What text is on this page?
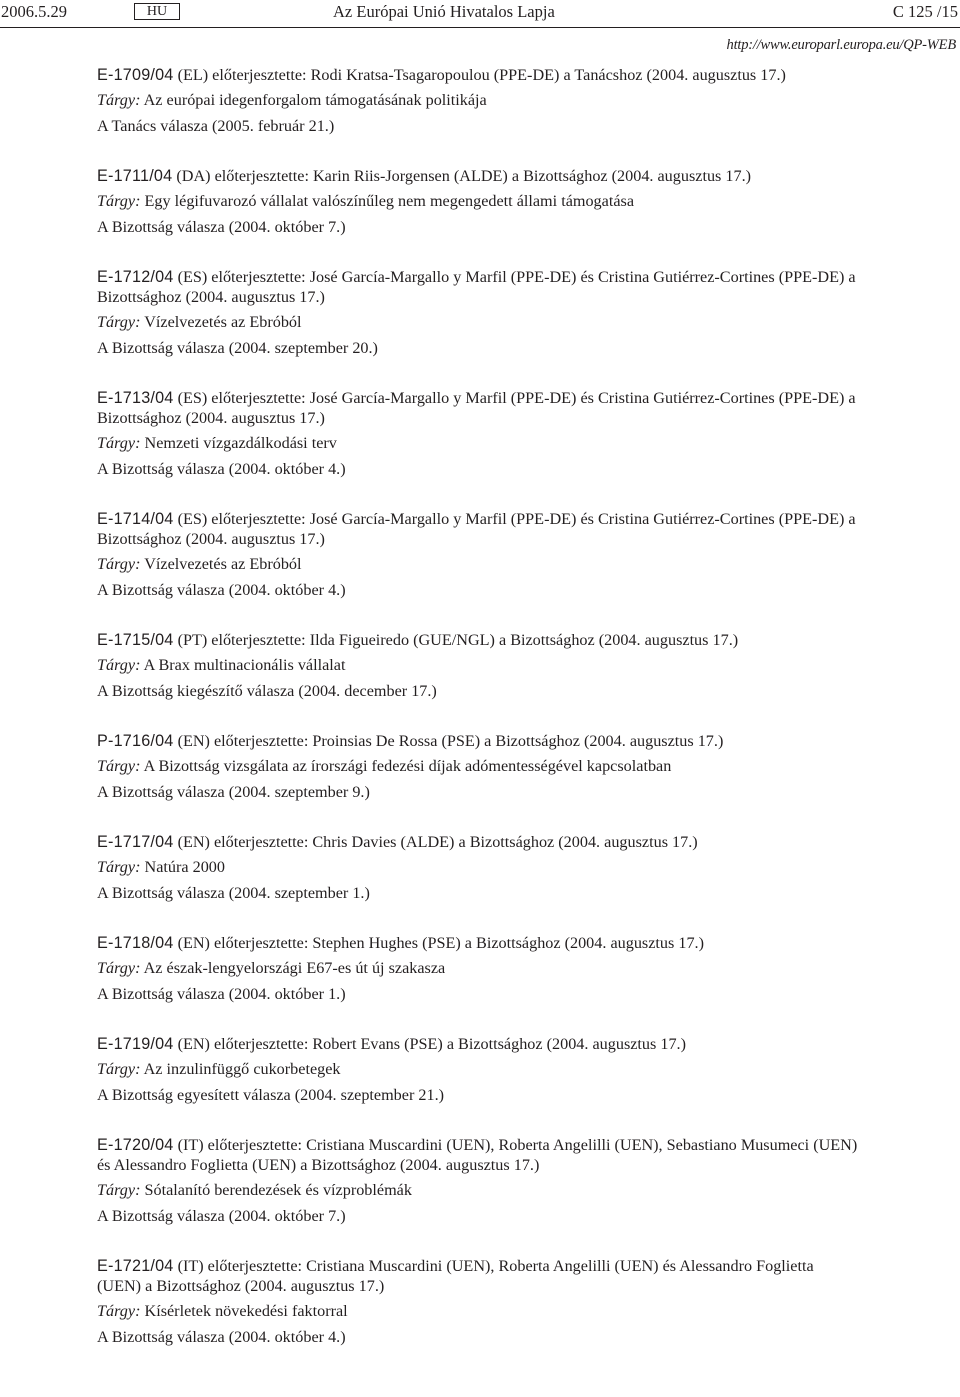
2006.5.29	HU	Az Európai Unió Hivatalos Lapja	C 125 /15
http://www.europarl.europa.eu/QP-WEB

E-1709/04 (EL) előterjesztette: Rodi Kratsa-Tsagaropoulou (PPE-DE) a Tanácshoz (2004. augusztus 17.)

Tárgy: Az európai idegenforgalom támogatásának politikája

A Tanács válasza (2005. február 21.)

E-1711/04 (DA) előterjesztette: Karin Riis-Jorgensen (ALDE) a Bizottsághoz (2004. augusztus 17.)

Tárgy: Egy légifuvarozó vállalat valószínűleg nem megengedett állami támogatása

A Bizottság válasza (2004. október 7.)

E-1712/04 (ES) előterjesztette: José García-Margallo y Marfil (PPE-DE) és Cristina Gutiérrez-Cortines (PPE-DE) a Bizottsághoz (2004. augusztus 17.)

Tárgy: Vízelvezetés az Ebróból

A Bizottság válasza (2004. szeptember 20.)

E-1713/04 (ES) előterjesztette: José García-Margallo y Marfil (PPE-DE) és Cristina Gutiérrez-Cortines (PPE-DE) a Bizottsághoz (2004. augusztus 17.)

Tárgy: Nemzeti vízgazdálkodási terv

A Bizottság válasza (2004. október 4.)

E-1714/04 (ES) előterjesztette: José García-Margallo y Marfil (PPE-DE) és Cristina Gutiérrez-Cortines (PPE-DE) a Bizottsághoz (2004. augusztus 17.)

Tárgy: Vízelvezetés az Ebróból

A Bizottság válasza (2004. október 4.)

E-1715/04 (PT) előterjesztette: Ilda Figueiredo (GUE/NGL) a Bizottsághoz (2004. augusztus 17.)

Tárgy: A Brax multinacionális vállalat

A Bizottság kiegészítő válasza (2004. december 17.)

P-1716/04 (EN) előterjesztette: Proinsias De Rossa (PSE) a Bizottsághoz (2004. augusztus 17.)

Tárgy: A Bizottság vizsgálata az írországi fedezési díjak adómentességével kapcsolatban

A Bizottság válasza (2004. szeptember 9.)

E-1717/04 (EN) előterjesztette: Chris Davies (ALDE) a Bizottsághoz (2004. augusztus 17.)

Tárgy: Natúra 2000

A Bizottság válasza (2004. szeptember 1.)

E-1718/04 (EN) előterjesztette: Stephen Hughes (PSE) a Bizottsághoz (2004. augusztus 17.)

Tárgy: Az észak-lengyelországi E67-es út új szakasza

A Bizottság válasza (2004. október 1.)

E-1719/04 (EN) előterjesztette: Robert Evans (PSE) a Bizottsághoz (2004. augusztus 17.)

Tárgy: Az inzulinfüggő cukorbetegek

A Bizottság egyesített válasza (2004. szeptember 21.)

E-1720/04 (IT) előterjesztette: Cristiana Muscardini (UEN), Roberta Angelilli (UEN), Sebastiano Musumeci (UEN) és Alessandro Foglietta (UEN) a Bizottsághoz (2004. augusztus 17.)

Tárgy: Sótalanító berendezések és vízproblémák

A Bizottság válasza (2004. október 7.)

E-1721/04 (IT) előterjesztette: Cristiana Muscardini (UEN), Roberta Angelilli (UEN) és Alessandro Foglietta (UEN) a Bizottsághoz (2004. augusztus 17.)

Tárgy: Kísérletek növekedési faktorral

A Bizottság válasza (2004. október 4.)
